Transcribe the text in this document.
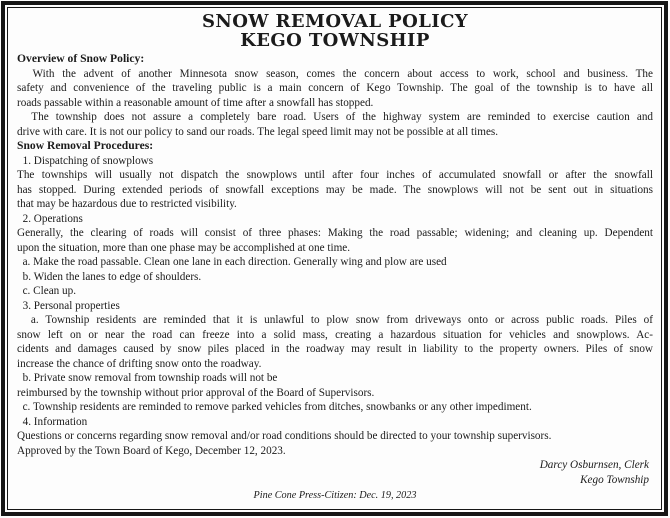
SNOW REMOVAL POLICY
KEGO TOWNSHIP
Overview of Snow Policy:
With the advent of another Minnesota snow season, comes the concern about access to work, school and business. The
safety and convenience of the traveling public is a main concern of Kego Township. The goal of the township is to have all
roads passable within a reasonable amount of time after a snowfall has stopped.
The township does not assure a completely bare road. Users of the highway system are reminded to exercise caution and
drive with care. It is not our policy to sand our roads. The legal speed limit may not be possible at all times.
Snow Removal Procedures:
1. Dispatching of snowplows
The townships will usually not dispatch the snowplows until after four inches of accumulated snowfall or after the snowfall
has stopped. During extended periods of snowfall exceptions may be made. The snowplows will not be sent out in situations
that may be hazardous due to restricted visibility.
2. Operations
Generally, the clearing of roads will consist of three phases: Making the road passable; widening; and cleaning up. Dependent
upon the situation, more than one phase may be accomplished at one time.
a. Make the road passable. Clean one lane in each direction. Generally wing and plow are used
b. Widen the lanes to edge of shoulders.
c. Clean up.
3. Personal properties
a. Township residents are reminded that it is unlawful to plow snow from driveways onto or across public roads. Piles of
snow left on or near the road can freeze into a solid mass, creating a hazardous situation for vehicles and snowplows. Ac-
cidents and damages caused by snow piles placed in the roadway may result in liability to the property owners. Piles of snow
increase the chance of drifting snow onto the roadway.
b. Private snow removal from township roads will not be
reimbursed by the township without prior approval of the Board of Supervisors.
c. Township residents are reminded to remove parked vehicles from ditches, snowbanks or any other impediment.
4. Information
Questions or concerns regarding snow removal and/or road conditions should be directed to your township supervisors.
Approved by the Town Board of Kego, December 12, 2023.
Darcy Osburnsen, Clerk
Kego Township
Pine Cone Press-Citizen: Dec. 19, 2023
